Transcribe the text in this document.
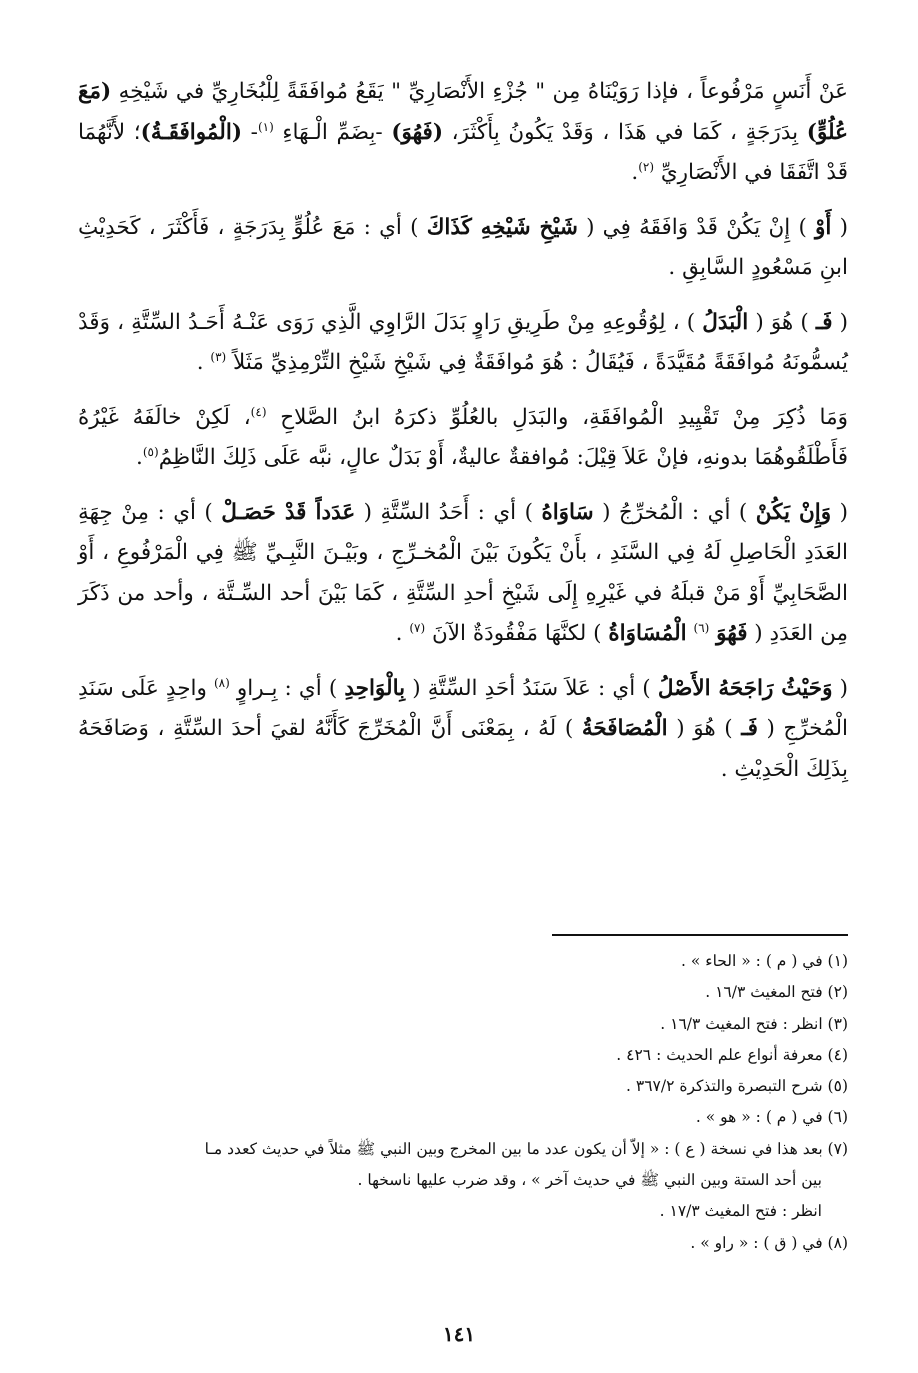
عَنْ أَنَسٍ مَرْفُوعاً ، فإذا رَوَيْنَاهُ مِن " جُزْءِ الأَنْصَارِيِّ " يَقَعُ مُوافَقَةً لِلْبُخَارِيِّ في شَيْخِهِ (مَعَ عُلُوٍّ) بِدَرَجَةٍ ، كَمَا في هَذَا ، وَقَدْ يَكُونُ بِأَكْثَرَ، (فَهُوَ) -بِضَمِّ الْـهَاءِ $^{(١)}$- (الْمُوافَقَـةُ)؛ لأَنَّهُمَا قَدْ اتَّفَقَا في الأَنْصَارِيِّ $^{(٢)}$.

( أَوْ ) إِنْ يَكُنْ قَدْ وَافَقَهُ فِي ( شَيْخِ شَيْخِهِ كَذَاكَ ) أي : مَعَ عُلُوٍّ بِدَرَجَةٍ ، فَأَكْثَرَ ، كَحَدِيْثِ ابنِ مَسْعُودٍ السَّابِقِ .

( فَـ ) هُوَ ( الْبَدَلُ ) ، لِوُقُوعِهِ مِنْ طَرِيقِ رَاوٍ بَدَلَ الرَّاوِي الَّذِي رَوَى عَنْـهُ أَحَـدُ السِّتَّةِ ، وَقَدْ يُسمُّونَهُ مُوافَقَةً مُقَيَّدَةً ، فَيُقَالُ : هُوَ مُوافَقَةٌ فِي شَيْخِ شَيْخِ التِّرْمِذِيِّ مَثَلاً $^{(٣)}$ .

وَمَا ذُكِرَ مِنْ تَقْيِيدِ الْمُوافَقَةِ، والبَدَلِ بالعُلُوِّ ذكرَهُ ابنُ الصَّلاحِ $^{(٤)}$، لَكِنْ خالَفَهُ غَيْرُهُ فَأَطْلَقُوهُمَا بدونهِ، فإنْ عَلاَ قِيْلَ: مُوافقةٌ عاليةٌ، أَوْ بَدَلٌ عالٍ، نبَّه عَلَى ذَلِكَ النَّاظِمُ$^{(٥)}$.

( وَإِنْ يَكُنْ ) أي : الْمُخرِّجُ ( سَاوَاهُ ) أي : أَحَدُ السِّتَّةِ ( عَدَداً قَدْ حَصَـلْ ) أي : مِنْ جِهَةِ العَدَدِ الْحَاصِلِ لَهُ فِي السَّنَدِ ، بأَنْ يَكُونَ بَيْنَ الْمُخـرِّجِ ، وبَيْـنَ النَّبِـيِّ ﷺ فِي الْمَرْفُوعِ ، أَوْ الصَّحَابِيِّ أَوْ مَنْ قبلَهُ في غَيْرِهِ إِلَى شَيْخِ أحدِ السِّتَّةِ ، كَمَا بَيْنَ أحد السِّـتَّة ، وأحد من ذَكَرَ مِن العَدَدِ ( فَهُوَ $^{(٦)}$ الْمُسَاوَاةُ ) لكنَّهَا مَفْقُودَةٌ الآنَ $^{(٧)}$ .

( وَحَيْثُ رَاجَحَهُ الأَصْلُ ) أي : عَلاَ سَنَدُ أحَدِ السِّتَّةِ ( بِالْوَاحِدِ ) أي : بِـراوٍ $^{(٨)}$ واحِدٍ عَلَى سَنَدِ الْمُخرِّجِ ( فَـ ) هُوَ ( الْمُصَافَحَةُ ) لَهُ ، بِمَعْنَى أَنَّ الْمُخَرِّجَ كَأَنَّهُ لقيَ أحدَ السِّتَّةِ ، وَصَافَحَهُ بِذَلِكَ الْحَدِيْثِ .

(١) في ( م ) : « الحاء » .

(٢) فتح المغيث ١٦/٣ .

(٣) انظر : فتح المغيث ١٦/٣ .

(٤) معرفة أنواع علم الحديث : ٤٢٦ .

(٥) شرح التبصرة والتذكرة ٣٦٧/٢ .

(٦) في ( م ) : « هو » .

(٧) بعد هذا في نسخة ( ع ) : « إلاّ أن يكون عدد ما بين المخرج وبين النبي ﷺ مثلاً في حديث كعدد مـا

بين أحد الستة وبين النبي ﷺ في حديث آخر » ، وقد ضرب عليها ناسخها .

انظر : فتح المغيث ١٧/٣ .

(٨) في ( ق ) : « راو » .

١٤١
